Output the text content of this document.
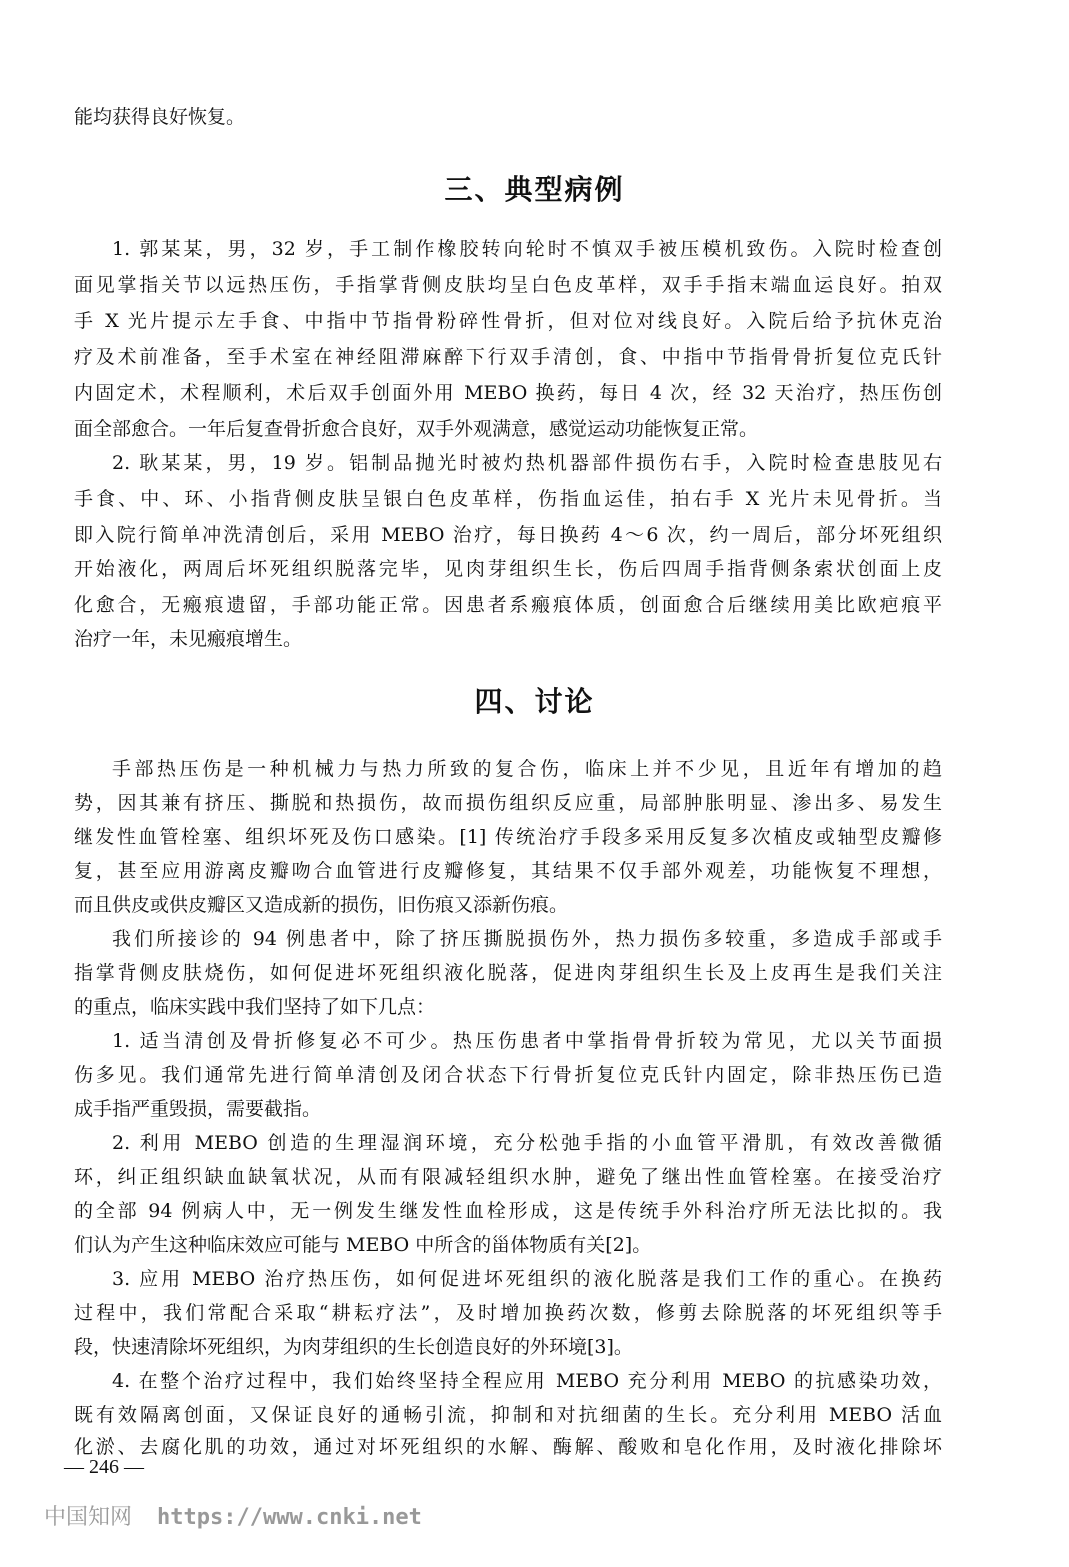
能均获得良好恢复。
三、典型病例
1. 郭某某，男，32 岁，手工制作橡胶转向轮时不慎双手被压模机致伤。入院时检查创
面见掌指关节以远热压伤，手指掌背侧皮肤均呈白色皮革样，双手手指末端血运良好。拍双
手 X 光片提示左手食、中指中节指骨粉碎性骨折，但对位对线良好。入院后给予抗休克治
疗及术前准备，至手术室在神经阻滞麻醉下行双手清创，食、中指中节指骨骨折复位克氏针
内固定术，术程顺利，术后双手创面外用 MEBO 换药，每日 4 次，经 32 天治疗，热压伤创
面全部愈合。一年后复查骨折愈合良好，双手外观满意，感觉运动功能恢复正常。
2. 耿某某，男，19 岁。铝制品抛光时被灼热机器部件损伤右手，入院时检查患肢见右
手食、中、环、小指背侧皮肤呈银白色皮革样，伤指血运佳，拍右手 X 光片未见骨折。当
即入院行简单冲洗清创后，采用 MEBO 治疗，每日换药 4～6 次，约一周后，部分坏死组织
开始液化，两周后坏死组织脱落完毕，见肉芽组织生长，伤后四周手指背侧条索状创面上皮
化愈合，无瘢痕遗留，手部功能正常。因患者系瘢痕体质，创面愈合后继续用美比欧疤痕平
治疗一年，未见瘢痕增生。
四、讨论
手部热压伤是一种机械力与热力所致的复合伤，临床上并不少见，且近年有增加的趋
势，因其兼有挤压、撕脱和热损伤，故而损伤组织反应重，局部肿胀明显、渗出多、易发生
继发性血管栓塞、组织坏死及伤口感染。[1] 传统治疗手段多采用反复多次植皮或轴型皮瓣修
复，甚至应用游离皮瓣吻合血管进行皮瓣修复，其结果不仅手部外观差，功能恢复不理想，
而且供皮或供皮瓣区又造成新的损伤，旧伤痕又添新伤痕。
我们所接诊的 94 例患者中，除了挤压撕脱损伤外，热力损伤多较重，多造成手部或手
指掌背侧皮肤烧伤，如何促进坏死组织液化脱落，促进肉芽组织生长及上皮再生是我们关注
的重点，临床实践中我们坚持了如下几点：
1. 适当清创及骨折修复必不可少。热压伤患者中掌指骨骨折较为常见，尤以关节面损
伤多见。我们通常先进行简单清创及闭合状态下行骨折复位克氏针内固定，除非热压伤已造
成手指严重毁损，需要截指。
2. 利用 MEBO 创造的生理湿润环境，充分松弛手指的小血管平滑肌，有效改善微循
环，纠正组织缺血缺氧状况，从而有限减轻组织水肿，避免了继出性血管栓塞。在接受治疗
的全部 94 例病人中，无一例发生继发性血栓形成，这是传统手外科治疗所无法比拟的。我
们认为产生这种临床效应可能与 MEBO 中所含的甾体物质有关[2]。
3. 应用 MEBO 治疗热压伤，如何促进坏死组织的液化脱落是我们工作的重心。在换药
过程中，我们常配合采取“耕耘疗法”，及时增加换药次数，修剪去除脱落的坏死组织等手
段，快速清除坏死组织，为肉芽组织的生长创造良好的外环境[3]。
4. 在整个治疗过程中，我们始终坚持全程应用 MEBO 充分利用 MEBO 的抗感染功效，
既有效隔离创面，又保证良好的通畅引流，抑制和对抗细菌的生长。充分利用 MEBO 活血
化淤、去腐化肌的功效，通过对坏死组织的水解、酶解、酸败和皂化作用，及时液化排除坏
— 246 —
中国知网 https://www.cnki.net
